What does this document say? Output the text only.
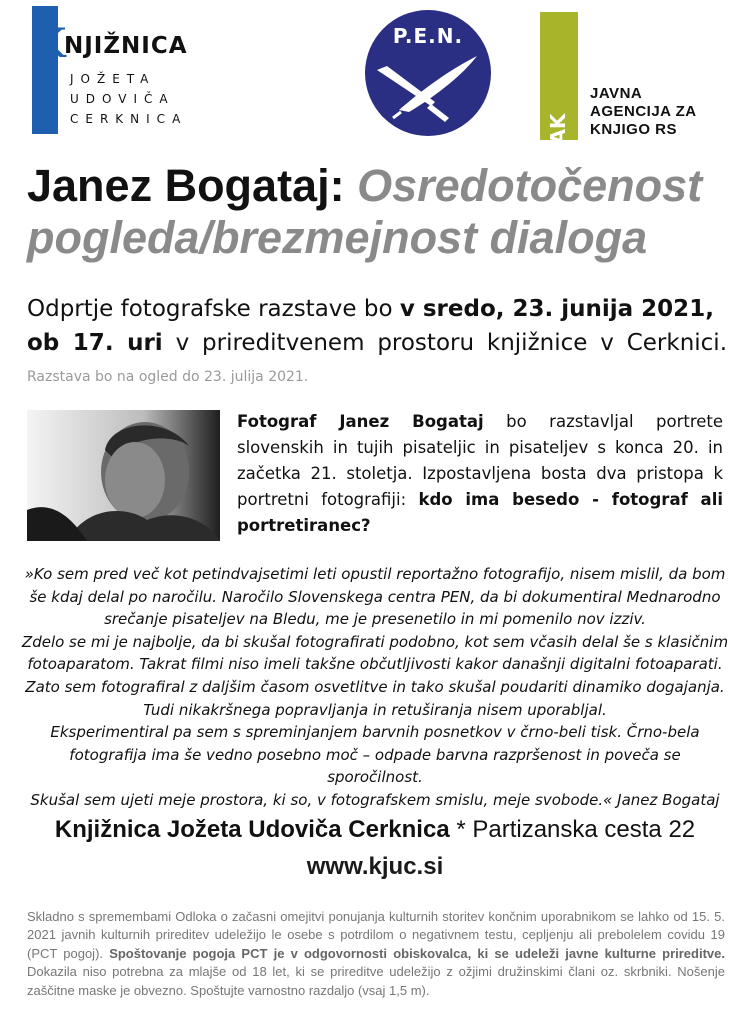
K
NJIŽNICA
JOŽETA
UDOVIČA
CERKNICA
P.E.N.
JAK
JAVNA
AGENCIJA ZA
KNJIGO RS
Janez Bogataj: Osredotočenost
pogleda/brezmejnost dialoga
Odprtje fotografske razstave bo v sredo, 23. junija 2021,
ob 17. uri v prireditvenem prostoru knjižnice v Cerknici.
Razstava bo na ogled do 23. julija 2021.
Fotograf Janez Bogataj bo razstavljal portrete slovenskih in tujih pisateljic in pisateljev s konca 20. in začetka 21. stoletja. Izpostavljena bosta dva pristopa k portretni fotografiji: kdo ima besedo - fotograf ali portretiranec?
»Ko sem pred več kot petindvajsetimi leti opustil reportažno fotografijo, nisem mislil, da bom
še kdaj delal po naročilu. Naročilo Slovenskega centra PEN, da bi dokumentiral Mednarodno
srečanje pisateljev na Bledu, me je presenetilo in mi pomenilo nov izziv.
Zdelo se mi je najbolje, da bi skušal fotografirati podobno, kot sem včasih delal še s klasičnim
fotoaparatom. Takrat filmi niso imeli takšne občutljivosti kakor današnji digitalni fotoaparati.
Zato sem fotografiral z daljšim časom osvetlitve in tako skušal poudariti dinamiko dogajanja.
Tudi nikakršnega popravljanja in retuširanja nisem uporabljal.
Eksperimentiral pa sem s spreminjanjem barvnih posnetkov v črno-beli tisk. Črno-bela
fotografija ima še vedno posebno moč – odpade barvna razpršenost in poveča se sporočilnost.
Skušal sem ujeti meje prostora, ki so, v fotografskem smislu, meje svobode.« Janez Bogataj
Knjižnica Jožeta Udoviča Cerknica * Partizanska cesta 22
www.kjuc.si
Skladno s spremembami Odloka o začasni omejitvi ponujanja kulturnih storitev končnim uporabnikom se lahko od 15. 5. 2021 javnih kulturnih prireditev udeležijo le osebe s potrdilom o negativnem testu, cepljenju ali prebolelem covidu 19 (PCT pogoj). Spoštovanje pogoja PCT je v odgovornosti obiskovalca, ki se udeleži javne kulturne prireditve. Dokazila niso potrebna za mlajše od 18 let, ki se prireditve udeležijo z ožjimi družinskimi člani oz. skrbniki. Nošenje zaščitne maske je obvezno. Spoštujte varnostno razdaljo (vsaj 1,5 m).
